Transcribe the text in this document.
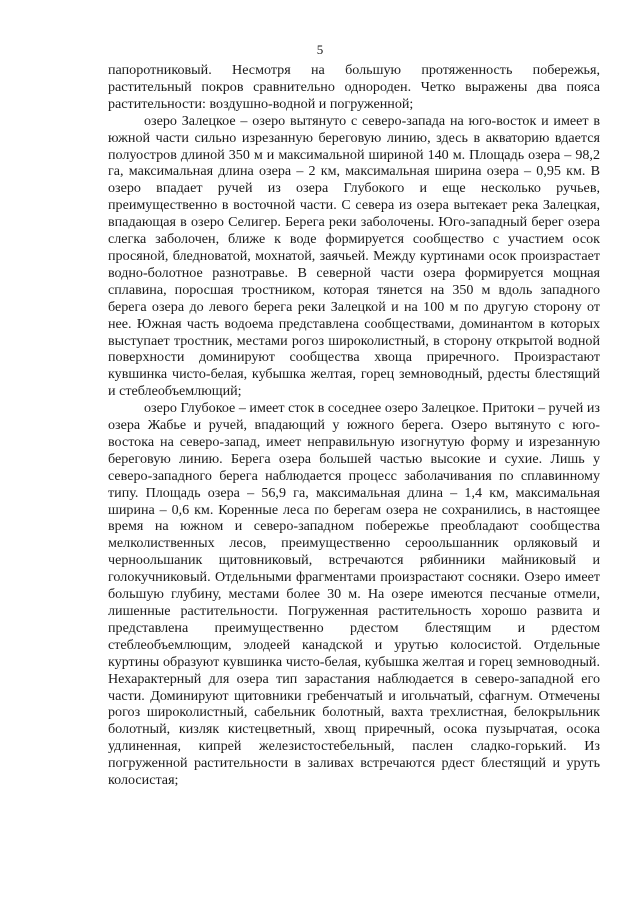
5

папоротниковый. Несмотря на большую протяженность побережья, растительный покров сравнительно однороден. Четко выражены два пояса растительности: воздушно-водной и погруженной;

озеро Залецкое – озеро вытянуто с северо-запада на юго-восток и имеет в южной части сильно изрезанную береговую линию, здесь в акваторию вдается полуостров длиной 350 м и максимальной шириной 140 м. Площадь озера – 98,2 га, максимальная длина озера – 2 км, максимальная ширина озера – 0,95 км. В озеро впадает ручей из озера Глубокого и еще несколько ручьев, преимущественно в восточной части. С севера из озера вытекает река Залецкая, впадающая в озеро Селигер. Берега реки заболочены. Юго-западный берег озера слегка заболочен, ближе к воде формируется сообщество с участием осок просяной, бледноватой, мохнатой, заячьей. Между куртинами осок произрастает водно-болотное разнотравье. В северной части озера формируется мощная сплавина, поросшая тростником, которая тянется на 350 м вдоль западного берега озера до левого берега реки Залецкой и на 100 м по другую сторону от нее. Южная часть водоема представлена сообществами, доминантом в которых выступает тростник, местами рогоз широколистный, в сторону открытой водной поверхности доминируют сообщества хвоща приречного. Произрастают кувшинка чисто-белая, кубышка желтая, горец земноводный, рдесты блестящий и стеблеобъемлющий;

озеро Глубокое – имеет сток в соседнее озеро Залецкое. Притоки – ручей из озера Жабье и ручей, впадающий у южного берега. Озеро вытянуто с юго-востока на северо-запад, имеет неправильную изогнутую форму и изрезанную береговую линию. Берега озера большей частью высокие и сухие. Лишь у северо-западного берега наблюдается процесс заболачивания по сплавинному типу. Площадь озера – 56,9 га, максимальная длина – 1,4 км, максимальная ширина – 0,6 км. Коренные леса по берегам озера не сохранились, в настоящее время на южном и северо-западном побережье преобладают сообщества мелколиственных лесов, преимущественно сероольшанник орляковый и черноольшаник щитовниковый, встречаются рябинники майниковый и голокучниковый. Отдельными фрагментами произрастают сосняки. Озеро имеет большую глубину, местами более 30 м. На озере имеются песчаные отмели, лишенные растительности. Погруженная растительность хорошо развита и представлена преимущественно рдестом блестящим и рдестом стеблеобъемлющим, элодеей канадской и урутью колосистой. Отдельные куртины образуют кувшинка чисто-белая, кубышка желтая и горец земноводный. Нехарактерный для озера тип зарастания наблюдается в северо-западной его части. Доминируют щитовники гребенчатый и игольчатый, сфагнум. Отмечены рогоз широколистный, сабельник болотный, вахта трехлистная, белокрыльник болотный, кизляк кистецветный, хвощ приречный, осока пузырчатая, осока удлиненная, кипрей железистостебельный, паслен сладко-горький. Из погруженной растительности в заливах встречаются рдест блестящий и уруть колосистая;
